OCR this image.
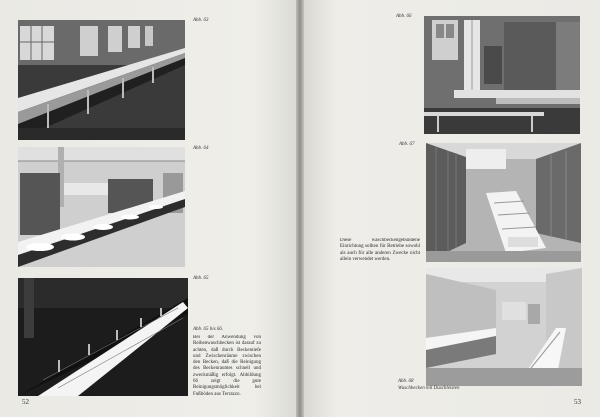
Abb. 63
Abb. 64
Abb. 65
Abb. 65 bis 66.
Bei der Anwendung von Reihenwaschbecken ist darauf zu achten, daß durch Beckentiefe und Zwischenräume zwischen den Becken, daß die Reinigung des Beckenraumes schnell und zweckmäßig erfolgt. Abbildung 66 zeigt die gute Reinigungsmöglichkeit bei Fußböden aus Terrazzo.
52
Abb. 66
Abb. 67
Diese waschbeckengebundene Einrichtung sollten für Betriebe sowohl als auch für alle anderen Zwecke nicht allein verwendet werden.
Abb. 68
Waschbecken mit Duschleisten
53
